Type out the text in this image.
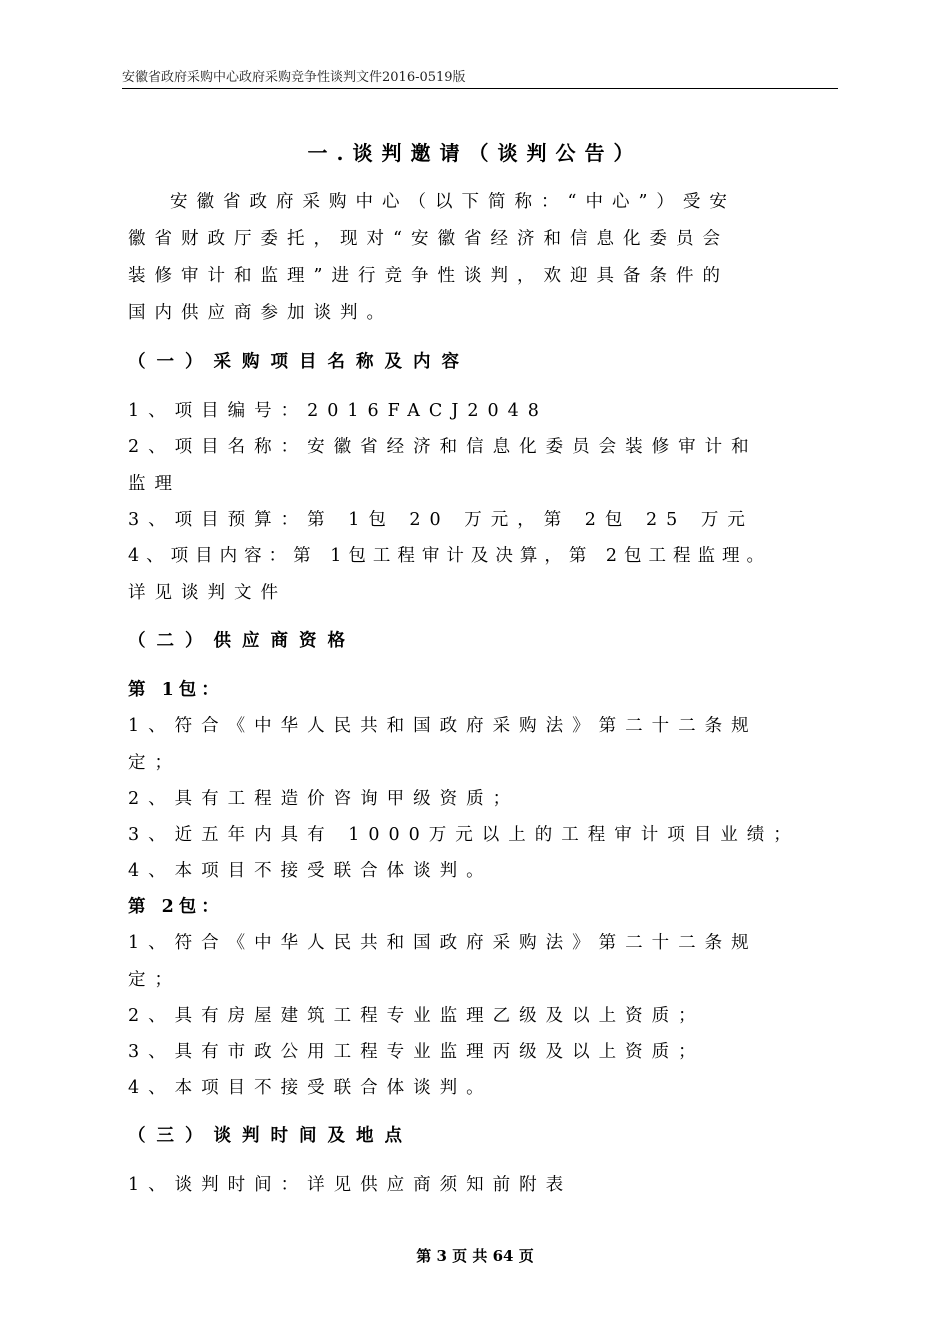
安徽省政府采购中心政府采购竞争性谈判文件2016-0519版
一.谈判邀请（谈判公告）
安徽省政府采购中心（以下简称：“中心”）受安
徽省财政厅委托，现对“安徽省经济和信息化委员会
装修审计和监理”进行竞争性谈判，欢迎具备条件的
国内供应商参加谈判。
（一）采购项目名称及内容
1、项目编号：2016FACJ2048
2、项目名称：安徽省经济和信息化委员会装修审计和
监理
3、项目预算：第 1包 20 万元，第 2包 25 万元
4、项目内容：第 1包工程审计及决算，第 2包工程监理。
详见谈判文件
（二）供应商资格
第 1包：
1、符合《中华人民共和国政府采购法》第二十二条规
定；
2、具有工程造价咨询甲级资质；
3、近五年内具有 1000万元以上的工程审计项目业绩；
4、本项目不接受联合体谈判。
第 2包：
1、符合《中华人民共和国政府采购法》第二十二条规
定；
2、具有房屋建筑工程专业监理乙级及以上资质；
3、具有市政公用工程专业监理丙级及以上资质；
4、本项目不接受联合体谈判。
（三）谈判时间及地点
1、谈判时间：详见供应商须知前附表
第 3 页 共 64 页
